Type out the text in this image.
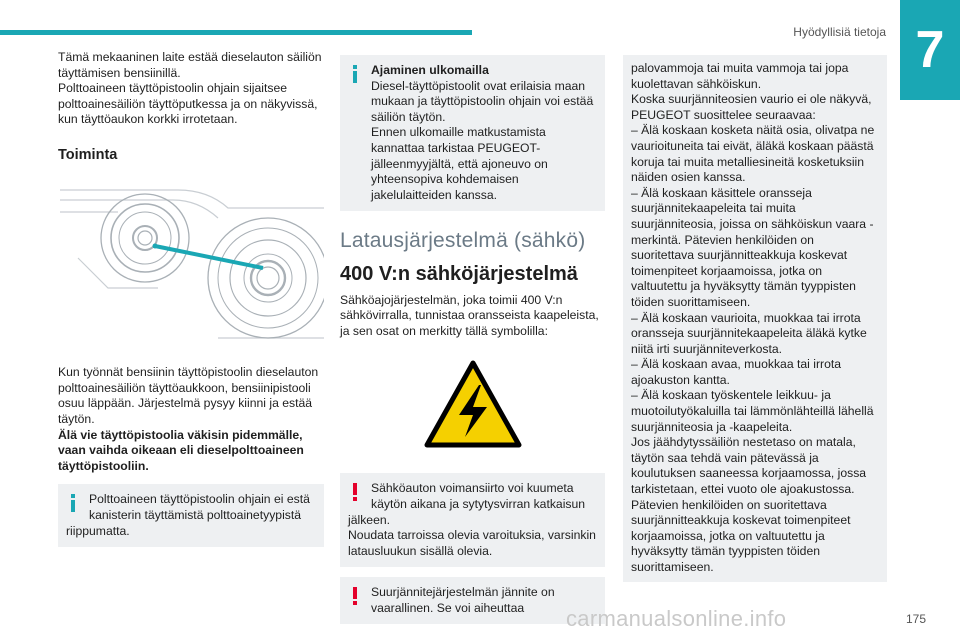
Hyödyllisiä tietoja 7

Tämä mekaaninen laite estää dieselauton säiliön täyttämisen bensiinillä.
Polttoaineen täyttöpistoolin ohjain sijaitsee polttoainesäiliön täyttöputkessa ja on näkyvissä, kun täyttöaukon korkki irrotetaan.

Toiminta

Kun työnnät bensiinin täyttöpistoolin dieselauton polttoainesäiliön täyttöaukkoon, bensiinipistooli osuu läppään. Järjestelmä pysyy kiinni ja estää täytön.

Älä vie täyttöpistoolia väkisin pidemmälle, vaan vaihda oikeaan eli dieselpolttoaineen täyttöpistooliin.

Polttoaineen täyttöpistoolin ohjain ei estä kanisterin täyttämistä polttoainetyypistä

riippumatta.

Ajaminen ulkomailla

Diesel-täyttöpistoolit ovat erilaisia maan mukaan ja täyttöpistoolin ohjain voi estää säiliön täytön.
Ennen ulkomaille matkustamista kannattaa tarkistaa PEUGEOT-jälleenmyyjältä, että ajoneuvo on yhteensopiva kohdemaisen jakelulaitteiden kanssa.

Latausjärjestelmä (sähkö)
400 V:n sähköjärjestelmä

Sähköajojärjestelmän, joka toimii 400 V:n sähkövirralla, tunnistaa oransseista kaapeleista, ja sen osat on merkitty tällä symbolilla:

Sähköauton voimansiirto voi kuumeta käytön aikana ja sytytysvirran katkaisun

jälkeen.
Noudata tarroissa olevia varoituksia, varsinkin latausluukun sisällä olevia.

Suurjännitejärjestelmän jännite on vaarallinen. Se voi aiheuttaa

palovammoja tai muita vammoja tai jopa kuolettavan sähköiskun.
Koska suurjänniteosien vaurio ei ole näkyvä, PEUGEOT suosittelee seuraavaa:
– Älä koskaan kosketa näitä osia, olivatpa ne vaurioituneita tai eivät, äläkä koskaan päästä koruja tai muita metalliesineitä kosketuksiin näiden osien kanssa.
– Älä koskaan käsittele oransseja suurjännitekaapeleita tai muita suurjänniteosia, joissa on sähköiskun vaara -merkintä. Pätevien henkilöiden on suoritettava suurjännitteakkuja koskevat toimenpiteet korjaamoissa, jotka on valtuutettu ja hyväksytty tämän tyyppisten töiden suorittamiseen.
– Älä koskaan vaurioita, muokkaa tai irrota oransseja suurjännitekaapeleita äläkä kytke niitä irti suurjänniteverkosta.
– Älä koskaan avaa, muokkaa tai irrota ajoakuston kantta.
– Älä koskaan työskentele leikkuu- ja muotoilutyökaluilla tai lämmönlähteillä lähellä suurjänniteosia ja -kaapeleita.
Jos jäähdytyssäiliön nestetaso on matala, täytön saa tehdä vain pätevässä ja koulutuksen saaneessa korjaamossa, jossa tarkistetaan, ettei vuoto ole ajoakustossa. Pätevien henkilöiden on suoritettava suurjännitteakkuja koskevat toimenpiteet korjaamoissa, jotka on valtuutettu ja hyväksytty tämän tyyppisten töiden suorittamiseen.

carmanualsonline.info	175
